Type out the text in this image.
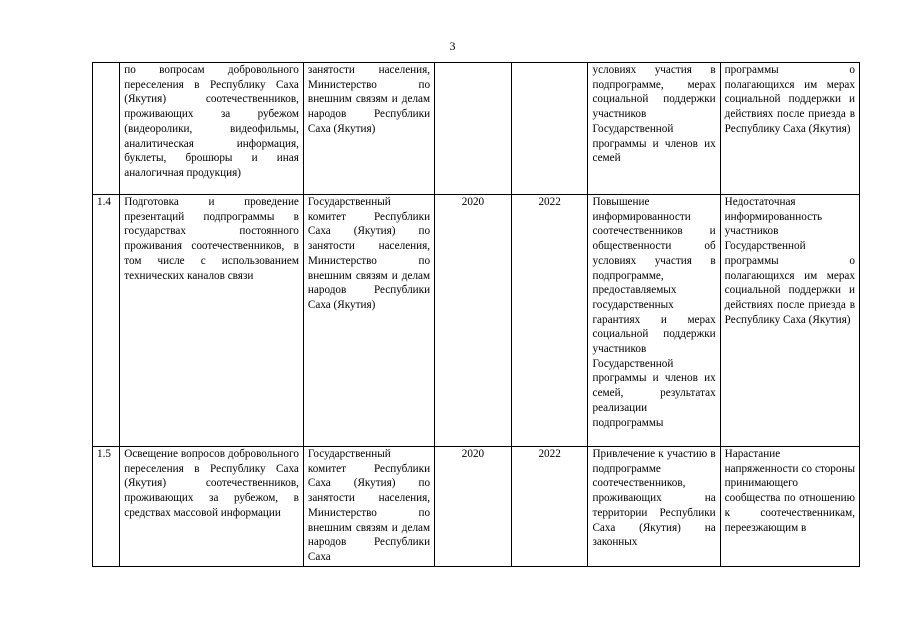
3
	по вопросам добровольного переселения в Республику Саха (Якутия) соотечественников, проживающих за рубежом (видеоролики, видеофильмы, аналитическая информация, буклеты, брошюры и иная аналогичная продукция)	занятости населения, Министерство по внешним связям и делам народов Республики Саха (Якутия)			условиях участия в подпрограмме, мерах социальной поддержки участников Государственной программы и членов их семей	программы о полагающихся им мерах социальной поддержки и действиях после приезда в Республику Саха (Якутия)
1.4	Подготовка и проведение презентаций подпрограммы в государствах постоянного проживания соотечественников, в том числе с использованием технических каналов связи	Государственный комитет Республики Саха (Якутия) по занятости населения, Министерство по внешним связям и делам народов Республики Саха (Якутия)	2020	2022	Повышение информированности соотечественников и общественности об условиях участия в подпрограмме, предоставляемых государственных гарантиях и мерах социальной поддержки участников Государственной программы и членов их семей, результатах реализации подпрограммы	Недостаточная информированность участников Государственной программы о полагающихся им мерах социальной поддержки и действиях после приезда в Республику Саха (Якутия)
1.5	Освещение вопросов добровольного переселения в Республику Саха (Якутия) соотечественников, проживающих за рубежом, в средствах массовой информации	Государственный комитет Республики Саха (Якутия) по занятости населения, Министерство по внешним связям и делам народов Республики Саха	2020	2022	Привлечение к участию в подпрограмме соотечественников, проживающих на территории Республики Саха (Якутия) на законных	Нарастание напряженности со стороны принимающего сообщества по отношению к соотечественникам, переезжающим в
